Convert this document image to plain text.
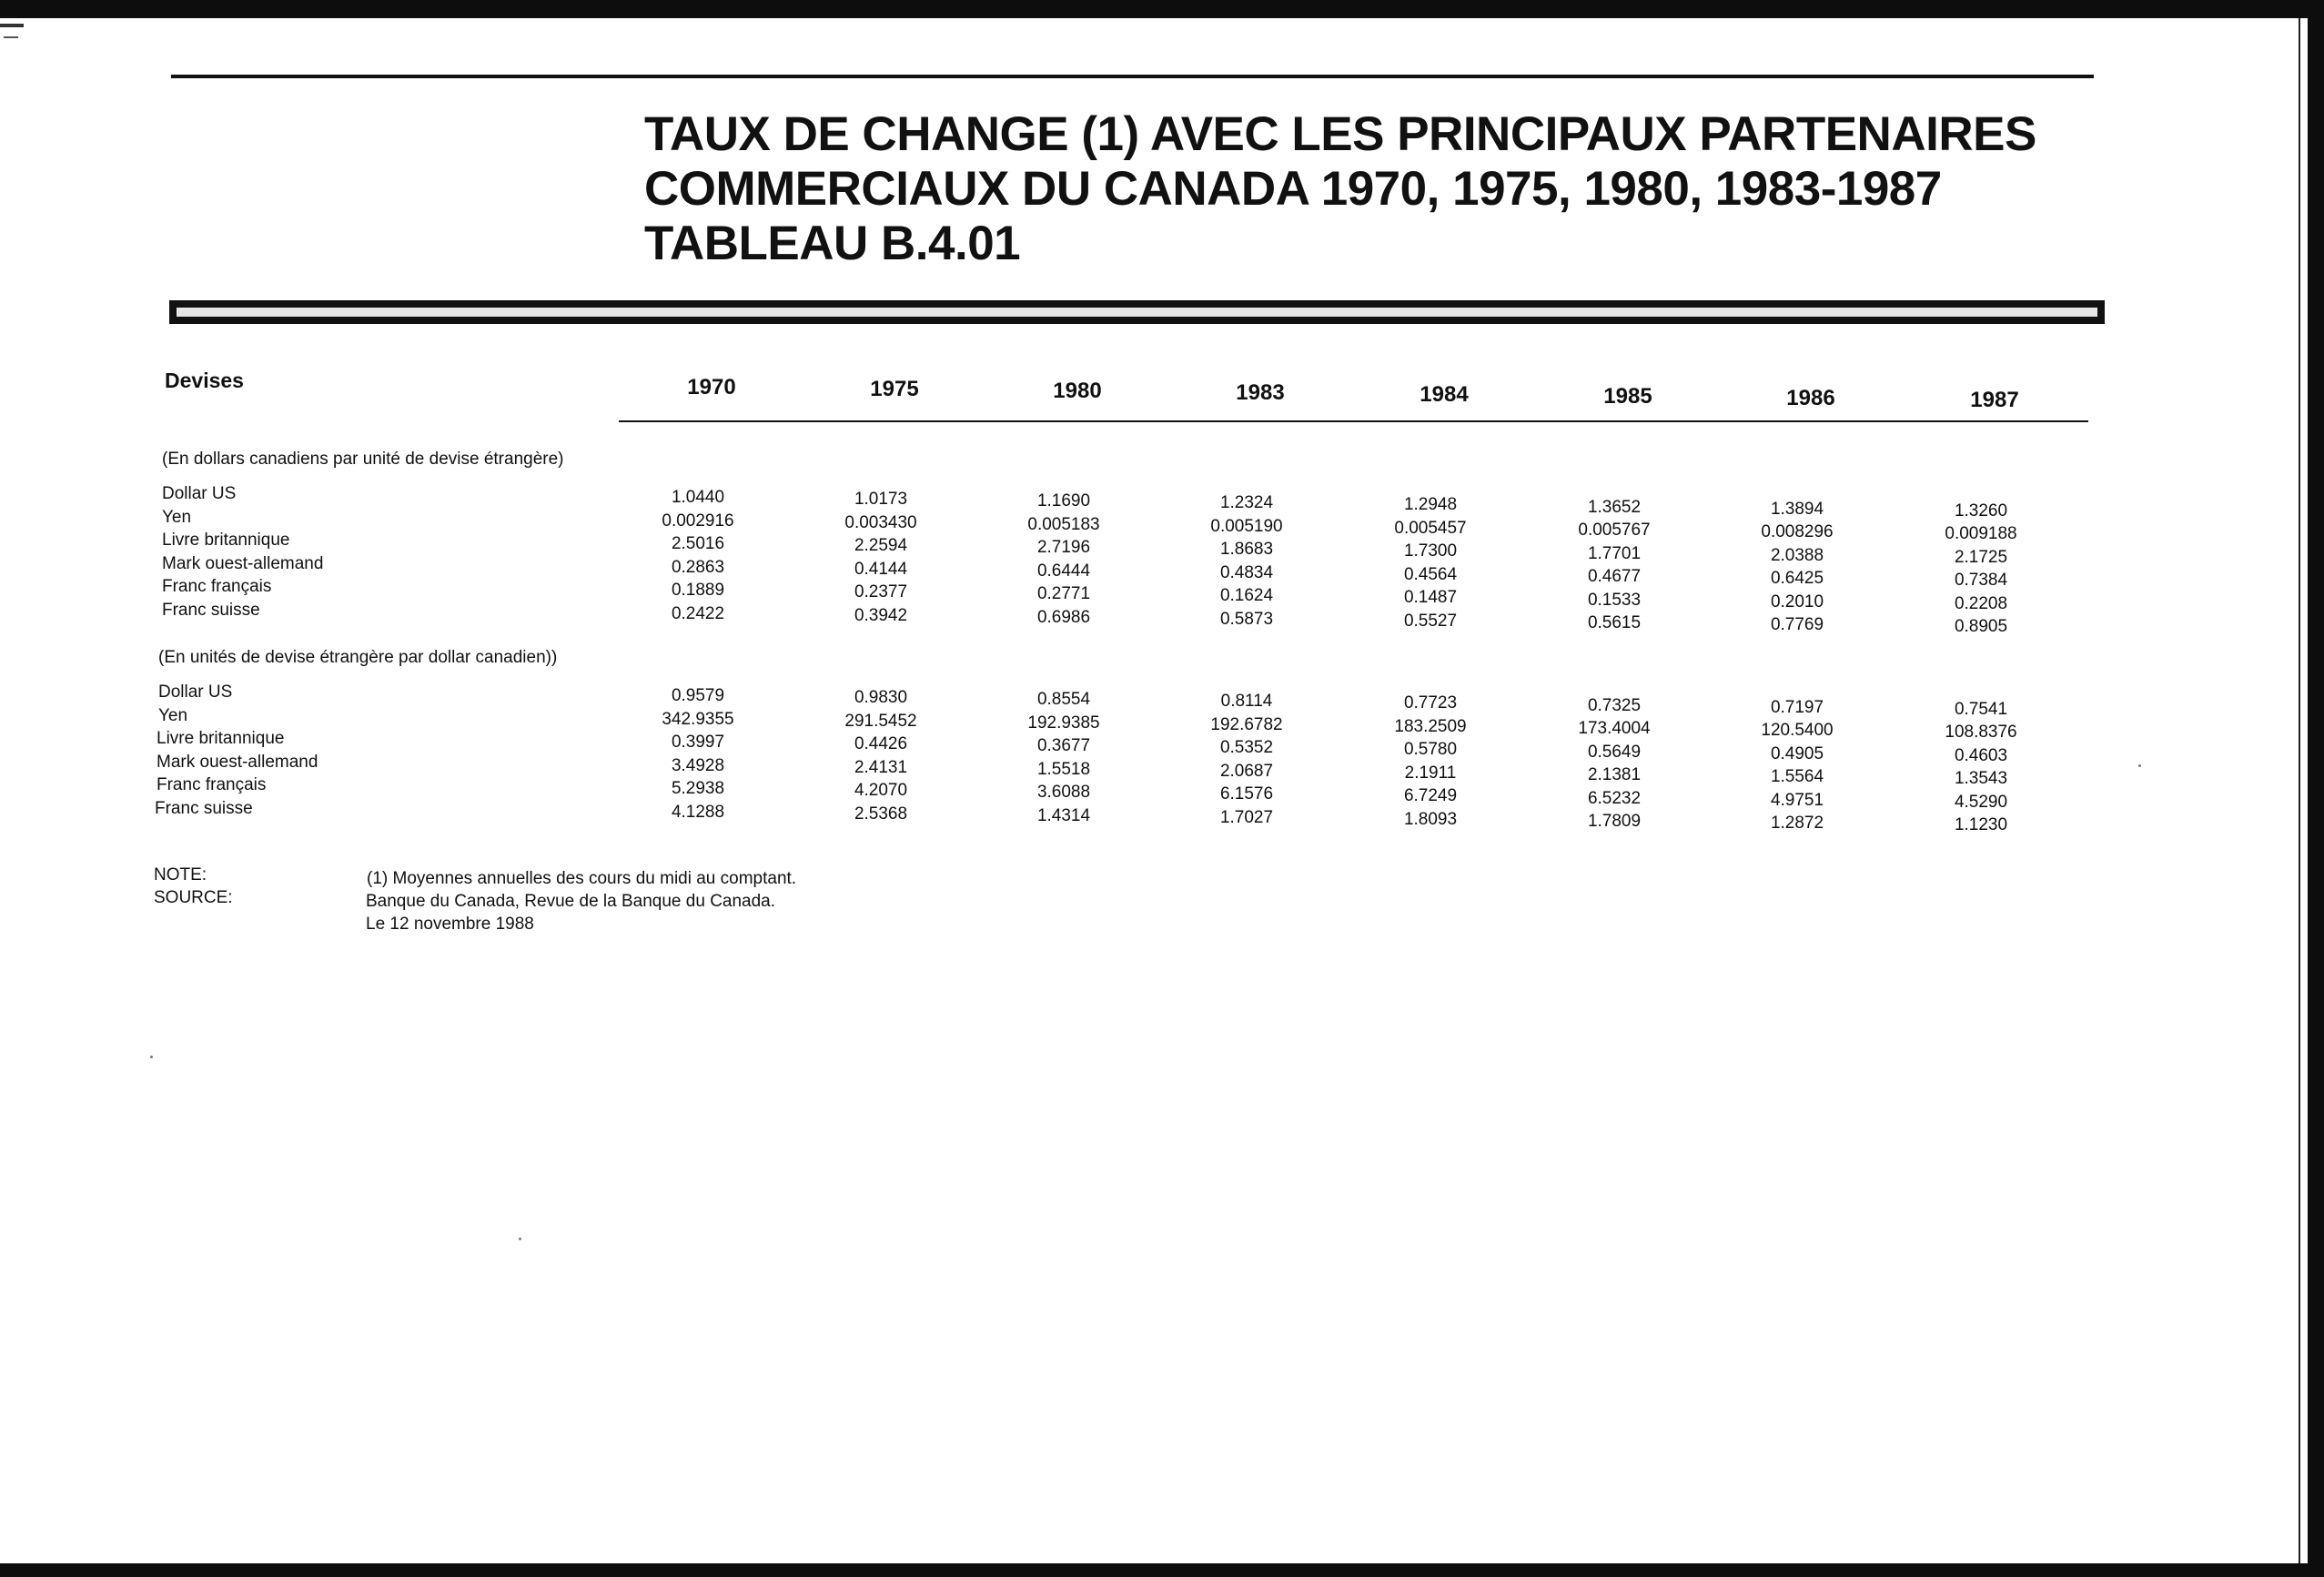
TAUX DE CHANGE (1) AVEC LES PRINCIPAUX PARTENAIRES
COMMERCIAUX DU CANADA 1970, 1975, 1980, 1983-1987
TABLEAU B.4.01
Devises	1970	1975	1980	1983	1984	1985	1986	1987
(En dollars canadiens par unité de devise étrangère)
Dollar US	1.0440	1.0173	1.1690	1.2324	1.2948	1.3652	1.3894	1.3260
Yen	0.002916	0.003430	0.005183	0.005190	0.005457	0.005767	0.008296	0.009188
Livre britannique	2.5016	2.2594	2.7196	1.8683	1.7300	1.7701	2.0388	2.1725
Mark ouest-allemand	0.2863	0.4144	0.6444	0.4834	0.4564	0.4677	0.6425	0.7384
Franc français	0.1889	0.2377	0.2771	0.1624	0.1487	0.1533	0.2010	0.2208
Franc suisse	0.2422	0.3942	0.6986	0.5873	0.5527	0.5615	0.7769	0.8905
(En unités de devise étrangère par dollar canadien))
Dollar US	0.9579	0.9830	0.8554	0.8114	0.7723	0.7325	0.7197	0.7541
Yen	342.9355	291.5452	192.9385	192.6782	183.2509	173.4004	120.5400	108.8376
Livre britannique	0.3997	0.4426	0.3677	0.5352	0.5780	0.5649	0.4905	0.4603
Mark ouest-allemand	3.4928	2.4131	1.5518	2.0687	2.1911	2.1381	1.5564	1.3543
Franc français	5.2938	4.2070	3.6088	6.1576	6.7249	6.5232	4.9751	4.5290
Franc suisse	4.1288	2.5368	1.4314	1.7027	1.8093	1.7809	1.2872	1.1230
NOTE:	(1) Moyennes annuelles des cours du midi au comptant.
SOURCE:	Banque du Canada, Revue de la Banque du Canada.
Le 12 novembre 1988
